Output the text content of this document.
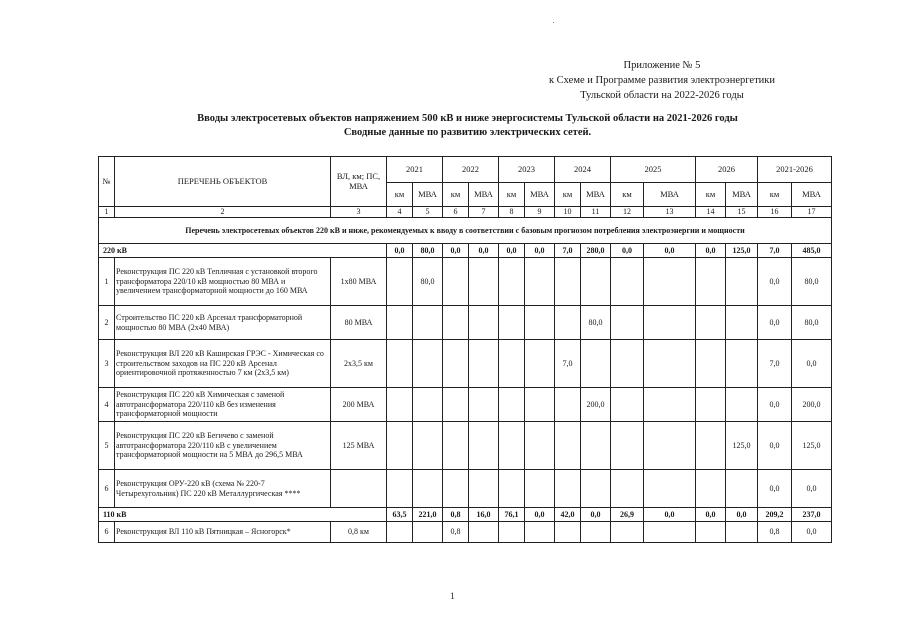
Приложение № 5
к Схеме и Программе развития электроэнергетики
Тульской области на 2022-2026 годы
Вводы электросетевых объектов напряжением 500 кВ и ниже энергосистемы Тульской области на 2021-2026 годы
Сводные данные по развитию электрических сетей.
№	ПЕРЕЧЕНЬ ОБЪЕКТОВ	ВЛ, км; ПС, МВА	2021		2022		2023		2024		2025		2026		2021-2026	
			км	МВА	км	МВА	км	МВА	км	МВА	км	МВА	км	МВА	км	МВА
1	2	3	4	5	6	7	8	9	10	11	12	13	14	15	16	17
Перечень электросетевых объектов 220 кВ и ниже, рекомендуемых к вводу в соответствии с базовым прогнозом потребления электроэнергии и мощности																
220 кВ			0,0	80,0	0,0	0,0	0,0	0,0	7,0	280,0	0,0	0,0	0,0	125,0	7,0	485,0
1	Реконструкция ПС 220 кВ Тепличная с установкой второго трансформатора 220/10 кВ мощностью 80 МВА и увеличением трансформаторной мощности до 160 МВА	1х80 МВА		80,0											0,0	80,0
2	Строительство ПС 220 кВ Арсенал трансформаторной мощностью 80 МВА (2х40 МВА)	80 МВА								80,0					0,0	80,0
3	Реконструкция ВЛ 220 кВ Каширская ГРЭС - Химическая со строительством заходов на ПС 220 кВ Арсенал ориентировочной протяженностью 7 км (2х3,5 км)	2х3,5 км							7,0						7,0	0,0
4	Реконструкция ПС 220 кВ Химическая с заменой автотрансформатора 220/110 кВ без изменения трансформаторной мощности	200 МВА								200,0					0,0	200,0
5	Реконструкция ПС 220 кВ Бегичево с заменой автотрансформатора 220/110 кВ с увеличением трансформаторной мощности на 5 МВА до 296,5 МВА	125 МВА												125,0	0,0	125,0
6	Реконструкция ОРУ-220 кВ (схема № 220-7 Четырехугольник) ПС 220 кВ Металлургическая ****														0,0	0,0
110 кВ			63,5	221,0	0,8	16,0	76,1	0,0	42,0	0,0	26,9	0,0	0,0	0,0	209,2	237,0
6	Реконструкция ВЛ 110 кВ Пятницкая – Ясногорск*	0,8 км			0,8										0,8	0,0
1
